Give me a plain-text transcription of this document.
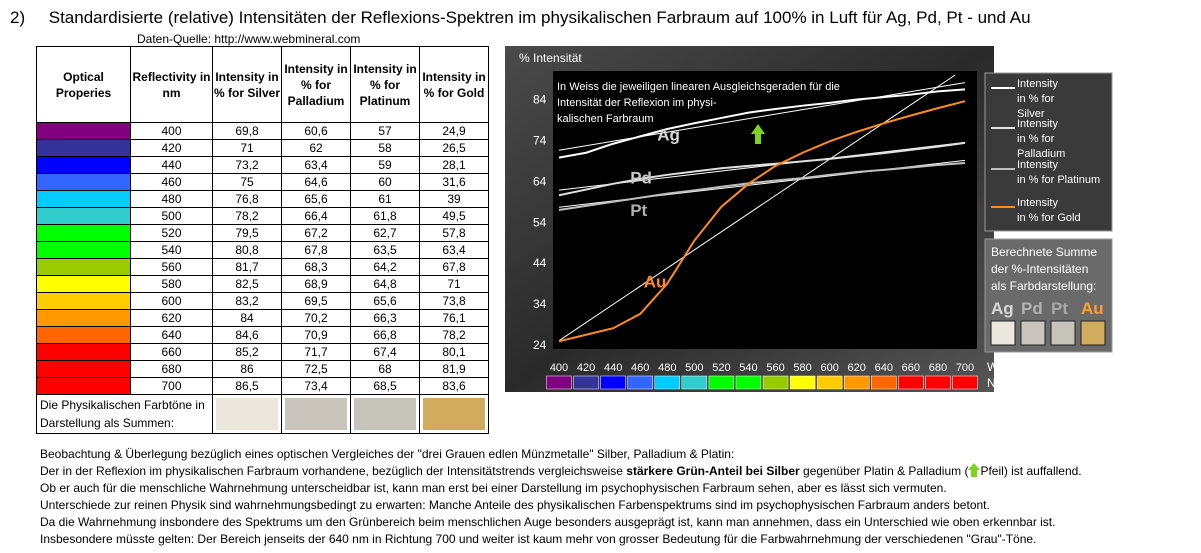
2) Standardisierte (relative) Intensitäten der Reflexions-Spektren im physikalischen Farbraum auf 100% in Luft für Ag, Pd, Pt - und Au
Daten-Quelle: http://www.webmineral.com
Optical Properies	Reflectivity in nm	Intensity in % for Silver	Intensity in % for Palladium	Intensity in % for Platinum	Intensity in % for Gold
	400	69,8	60,6	57	24,9
	420	71	62	58	26,5
	440	73,2	63,4	59	28,1
	460	75	64,6	60	31,6
	480	76,8	65,6	61	39
	500	78,2	66,4	61,8	49,5
	520	79,5	67,2	62,7	57,8
	540	80,8	67,8	63,5	63,4
	560	81,7	68,3	64,2	67,8
	580	82,5	68,9	64,8	71
	600	83,2	69,5	65,6	73,8
	620	84	70,2	66,3	76,1
	640	84,6	70,9	66,8	78,2
	660	85,2	71,7	67,4	80,1
	680	86	72,5	68	81,9
	700	86,5	73,4	68,5	83,6
Die Physikalischen Farbtöne in Darstellung als Summen:					
24
34
44
54
64
74
84
400 420 440 460 480 500 520 540 560 580 600 620 640 660 680 700
Ag
Pd
Pt
Au
% Intensität
In Weiss die jeweiligen linearen Ausgleichsgeraden für die
Intensität der Reflexion im physi-
kalischen Farbraum
Intensity
in % for
Silver
Intensity
in % for
Palladium
Intensity
in % for Platinum
Intensity
in % for Gold
Berechnete Summe
der %-Intensitäten
als Farbdarstellung:
Ag Pd Pt Au
Wellenlängen in
Nanometer
Beobachtung & Überlegung bezüglich eines optischen Vergleiches der "drei Grauen edlen Münzmetalle" Silber, Palladium & Platin:
Der in der Reflexion im physikalischen Farbraum vorhandene, bezüglich der Intensitätstrends vergleichsweise stärkere Grün-Anteil bei Silber gegenüber Platin & Palladium ( Pfeil) ist auffallend.
Ob er auch für die menschliche Wahrnehmung unterscheidbar ist, kann man erst bei einer Darstellung im psychophysischen Farbraum sehen, aber es lässt sich vermuten.
Unterschiede zur reinen Physik sind wahrnehmungsbedingt zu erwarten: Manche Anteile des physikalischen Farbenspektrums sind im psychophysischen Farbraum anders betont.
Da die Wahrnehmung insbondere des Spektrums um den Grünbereich beim menschlichen Auge besonders ausgeprägt ist, kann man annehmen, dass ein Unterschied wie oben erkennbar ist.
Insbesondere müsste gelten: Der Bereich jenseits der 640 nm in Richtung 700 und weiter ist kaum mehr von grosser Bedeutung für die Farbwahrnehmung der verschiedenen "Grau"-Töne.
